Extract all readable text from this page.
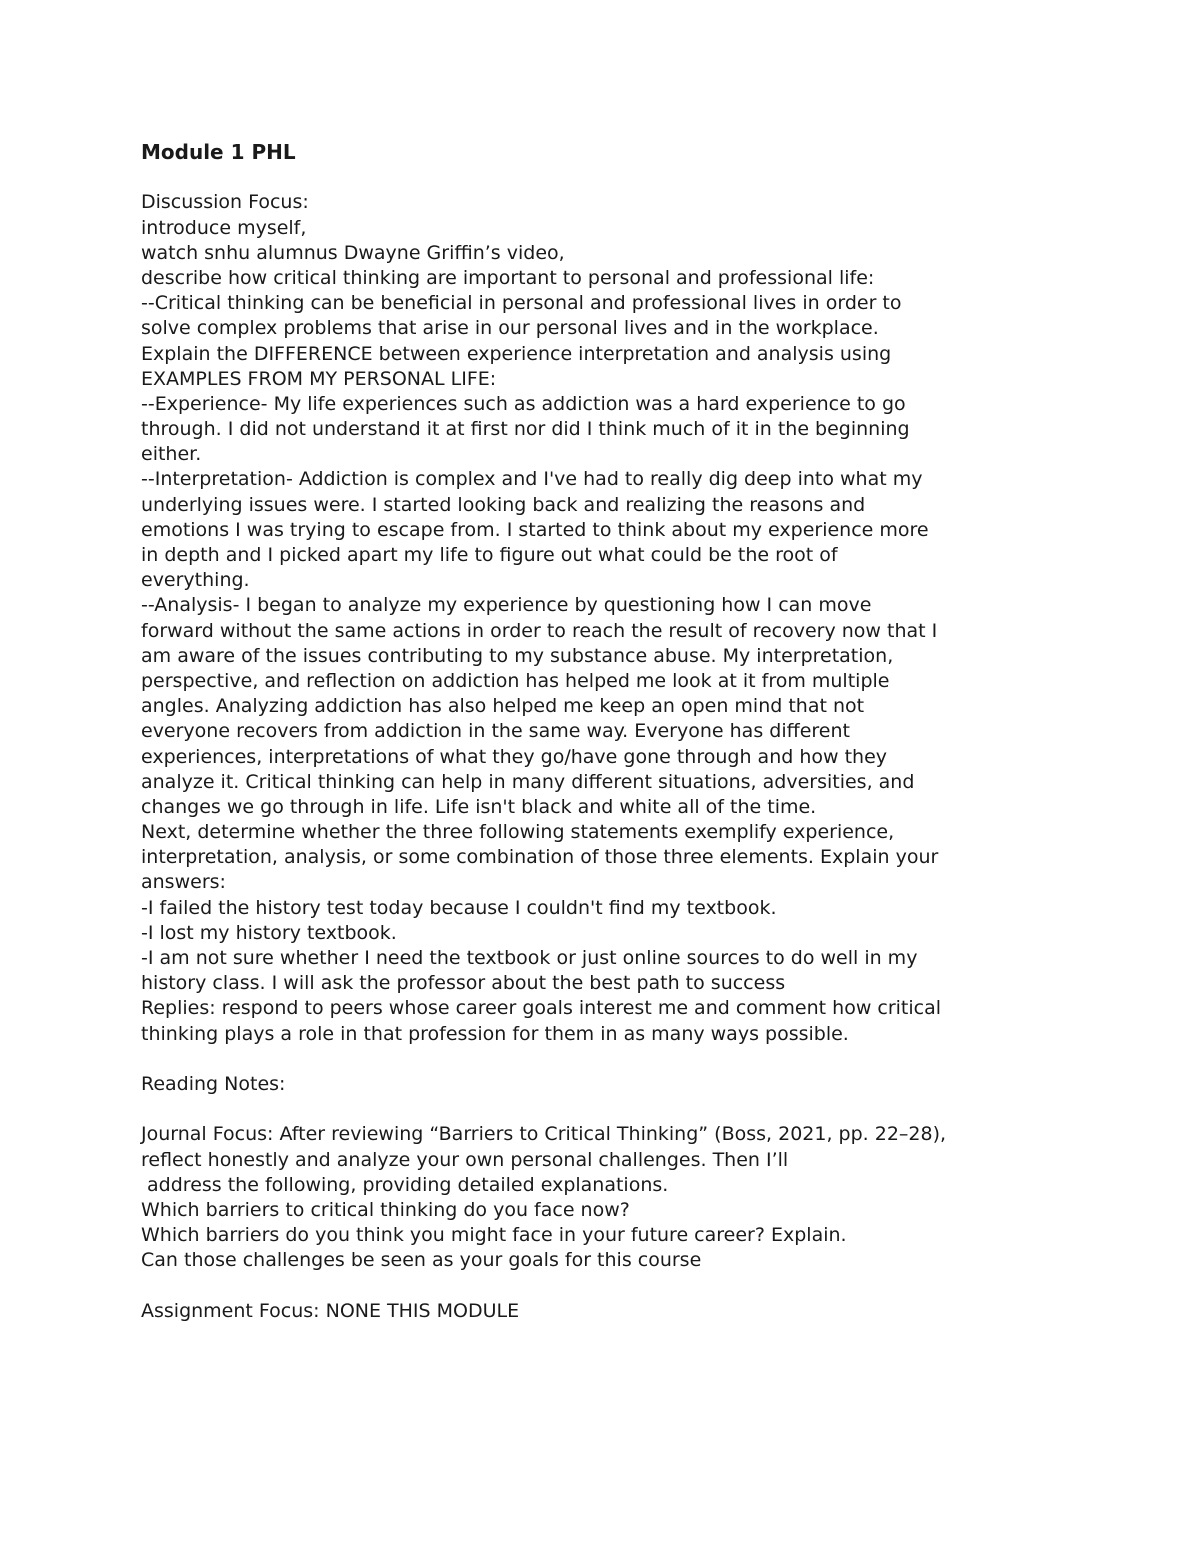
Module 1 PHL
Discussion Focus:
introduce myself,
watch snhu alumnus Dwayne Griffin’s video,
describe how critical thinking are important to personal and professional life:
--Critical thinking can be beneficial in personal and professional lives in order to
solve complex problems that arise in our personal lives and in the workplace.
Explain the DIFFERENCE between experience interpretation and analysis using
EXAMPLES FROM MY PERSONAL LIFE:
--Experience- My life experiences such as addiction was a hard experience to go
through. I did not understand it at first nor did I think much of it in the beginning
either.
--Interpretation- Addiction is complex and I've had to really dig deep into what my
underlying issues were. I started looking back and realizing the reasons and
emotions I was trying to escape from. I started to think about my experience more
in depth and I picked apart my life to figure out what could be the root of
everything.
--Analysis- I began to analyze my experience by questioning how I can move
forward without the same actions in order to reach the result of recovery now that I
am aware of the issues contributing to my substance abuse. My interpretation,
perspective, and reflection on addiction has helped me look at it from multiple
angles. Analyzing addiction has also helped me keep an open mind that not
everyone recovers from addiction in the same way. Everyone has different
experiences, interpretations of what they go/have gone through and how they
analyze it. Critical thinking can help in many different situations, adversities, and
changes we go through in life. Life isn't black and white all of the time.
Next, determine whether the three following statements exemplify experience,
interpretation, analysis, or some combination of those three elements. Explain your
answers:
-I failed the history test today because I couldn't find my textbook.
-I lost my history textbook.
-I am not sure whether I need the textbook or just online sources to do well in my
history class. I will ask the professor about the best path to success
Replies: respond to peers whose career goals interest me and comment how critical
thinking plays a role in that profession for them in as many ways possible.
Reading Notes:
Journal Focus: After reviewing “Barriers to Critical Thinking” (Boss, 2021, pp. 22–28),
reflect honestly and analyze your own personal challenges. Then I’ll
address the following, providing detailed explanations.
Which barriers to critical thinking do you face now?
Which barriers do you think you might face in your future career? Explain.
Can those challenges be seen as your goals for this course
Assignment Focus: NONE THIS MODULE
